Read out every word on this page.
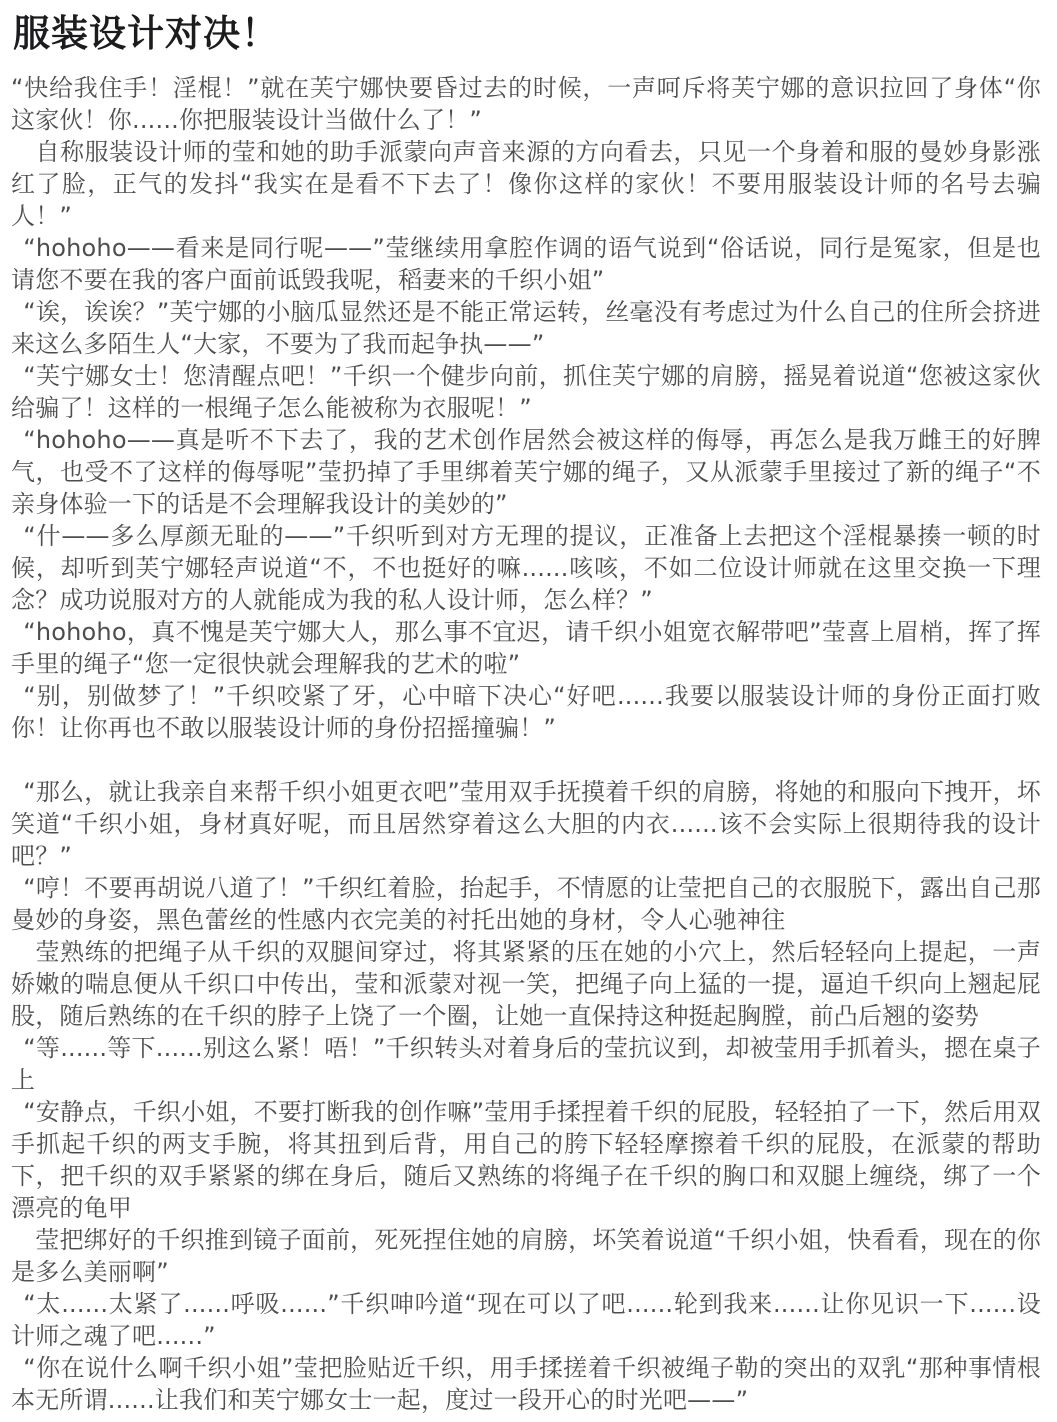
服装设计对决！

“快给我住手！淫棍！”就在芙宁娜快要昏过去的时候，一声呵斥将芙宁娜的意识拉回了身体“你这家伙！你......你把服装设计当做什么了！”

　自称服装设计师的莹和她的助手派蒙向声音来源的方向看去，只见一个身着和服的曼妙身影涨红了脸，正气的发抖“我实在是看不下去了！像你这样的家伙！不要用服装设计师的名号去骗人！”

 “hohoho——看来是同行呢——”莹继续用拿腔作调的语气说到“俗话说，同行是冤家，但是也请您不要在我的客户面前诋毁我呢，稻妻来的千织小姐”

 “诶，诶诶？”芙宁娜的小脑瓜显然还是不能正常运转，丝毫没有考虑过为什么自己的住所会挤进来这么多陌生人“大家，不要为了我而起争执——”

 “芙宁娜女士！您清醒点吧！”千织一个健步向前，抓住芙宁娜的肩膀，摇晃着说道“您被这家伙给骗了！这样的一根绳子怎么能被称为衣服呢！”

 “hohoho——真是听不下去了，我的艺术创作居然会被这样的侮辱，再怎么是我万雌王的好脾气，也受不了这样的侮辱呢”莹扔掉了手里绑着芙宁娜的绳子，又从派蒙手里接过了新的绳子“不亲身体验一下的话是不会理解我设计的美妙的”

 “什——多么厚颜无耻的——”千织听到对方无理的提议，正准备上去把这个淫棍暴揍一顿的时候，却听到芙宁娜轻声说道“不，不也挺好的嘛......咳咳，不如二位设计师就在这里交换一下理念？成功说服对方的人就能成为我的私人设计师，怎么样？”

 “hohoho，真不愧是芙宁娜大人，那么事不宜迟，请千织小姐宽衣解带吧”莹喜上眉梢，挥了挥手里的绳子“您一定很快就会理解我的艺术的啦”

 “别，别做梦了！”千织咬紧了牙，心中暗下决心“好吧......我要以服装设计师的身份正面打败你！让你再也不敢以服装设计师的身份招摇撞骗！”

 “那么，就让我亲自来帮千织小姐更衣吧”莹用双手抚摸着千织的肩膀，将她的和服向下拽开，坏笑道“千织小姐，身材真好呢，而且居然穿着这么大胆的内衣......该不会实际上很期待我的设计吧？”

 “哼！不要再胡说八道了！”千织红着脸，抬起手，不情愿的让莹把自己的衣服脱下，露出自己那曼妙的身姿，黑色蕾丝的性感内衣完美的衬托出她的身材，令人心驰神往

　莹熟练的把绳子从千织的双腿间穿过，将其紧紧的压在她的小穴上，然后轻轻向上提起，一声娇嫩的喘息便从千织口中传出，莹和派蒙对视一笑，把绳子向上猛的一提，逼迫千织向上翘起屁股，随后熟练的在千织的脖子上饶了一个圈，让她一直保持这种挺起胸膛，前凸后翘的姿势

 “等......等下......别这么紧！唔！”千织转头对着身后的莹抗议到，却被莹用手抓着头，摁在桌子上

 “安静点，千织小姐，不要打断我的创作嘛”莹用手揉捏着千织的屁股，轻轻拍了一下，然后用双手抓起千织的两支手腕，将其扭到后背，用自己的胯下轻轻摩擦着千织的屁股，在派蒙的帮助下，把千织的双手紧紧的绑在身后，随后又熟练的将绳子在千织的胸口和双腿上缠绕，绑了一个漂亮的龟甲

　莹把绑好的千织推到镜子面前，死死捏住她的肩膀，坏笑着说道“千织小姐，快看看，现在的你是多么美丽啊”

 “太......太紧了......呼吸......”千织呻吟道“现在可以了吧......轮到我来......让你见识一下......设计师之魂了吧......”

 “你在说什么啊千织小姐”莹把脸贴近千织，用手揉搓着千织被绳子勒的突出的双乳“那种事情根本无所谓......让我们和芙宁娜女士一起，度过一段开心的时光吧——”
